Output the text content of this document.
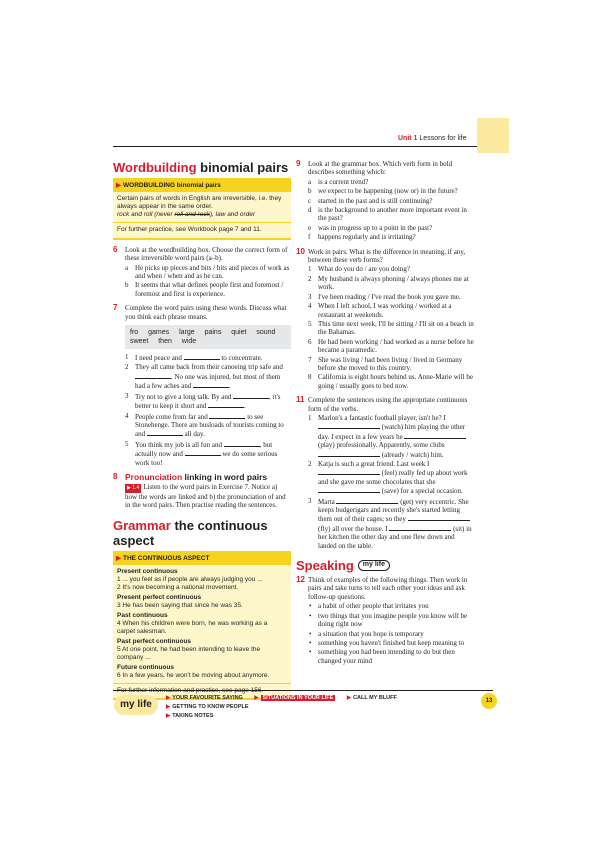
Unit 1 Lessons for life
Wordbuilding binomial pairs
▶ WORDBUILDING binomial pairs
Certain pairs of words in English are irreversible, i.e. they always appear in the same order.
rock and roll (never roll and rock), law and order
For further practice, see Workbook page 7 and 11.
6 Look at the wordbuilding box. Choose the correct form of these irreversible word pairs (a–b).
a He picks up pieces and bits / bits and pieces of work as and when / when and as he can.
b It seems that what defines people first and foremost / foremost and first is experience.
7 Complete the word pairs using these words. Discuss what you think each phrase means.
fro games large pains quiet sound sweet then wide
1 I need peace and	to concentrate.
2 They all came back from their canoeing trip safe and . No one was injured, but most of them had a few aches and	.
3 Try not to give a long talk. By and	, it's better to keep it short and	.
4 People come from far and	to see Stonehenge. There are busloads of tourists coming to and	all day.
5 You think my job is all fun and	, but actually now and	we do some serious work too!
8 Pronunciation linking in word pairs
▶ 1.4 Listen to the word pairs in Exercise 7. Notice a) how the words are linked and b) the pronunciation of and in the word pairs. Then practise reading the sentences.
Grammar the continuous aspect
▶ THE CONTINUOUS ASPECT
Present continuous
1 ... you feel as if people are always judging you ...
2 It's now becoming a national movement.
Present perfect continuous
3 He has been saying that since he was 35.
Past continuous
4 When his children were born, he was working as a carpet salesman.
Past perfect continuous
5 At one point, he had been intending to leave the company ...
Future continuous
6 In a few years, he won't be moving about anymore.
9 Look at the grammar box. Which verb form in bold describes something which:
a is a current trend?
b we expect to be happening (now or) in the future?
c started in the past and is still continuing?
d is the background to another more important event in the past?
e was in progress up to a point in the past?
f happens regularly and is irritating?
10 Work in pairs. What is the difference in meaning, if any, between these verb forms?
1 What do you do / are you doing?
2 My husband is always phoning / always phones me at work.
3 I've been reading / I've read the book you gave me.
4 When I left school, I was working / worked at a restaurant at weekends.
5 This time next week, I'll be sitting / I'll sit on a beach in the Bahamas.
6 He had been working / had worked as a nurse before he became a paramedic.
7 She was living / had been living / lived in Germany before she moved to this country.
8 California is eight hours behind us. Anne-Marie will be going / usually goes to bed now.
11 Complete the sentences using the appropriate continuous form of the verbs.
1 Marlon's a fantastic football player, isn't he? I  (watch) him playing the other day. I expect in a few years he  (play) professionally. Apparently, some clubs  (already / watch) him.
2 Katja is such a great friend. Last week I  (feel) really fed up about work and she gave me some chocolates that she  (save) for a special occasion.
3 Marta	(get) very eccentric. She keeps budgerigars and recently she's started letting them out of their cages; so they  (fly) all over the house. I	(sit) in her kitchen the other day and one flew down and landed on the table.
Speaking	my life
12 Think of examples of the following things. Then work in pairs and take turns to tell each other your ideas and ask follow-up questions.
• a habit of other people that irritates you
• two things that you imagine people you know will be doing right now
• a situation that you hope is temporary
• something you haven't finished but keep meaning to
• something you had been intending to do but then changed your mind
my life
▶ YOUR FAVOURITE SAYING ▶ SITUATIONS IN YOUR LIFE ▶ CALL MY BLUFF ▶ GETTING TO KNOW PEOPLE
▶ TAKING NOTES
13
